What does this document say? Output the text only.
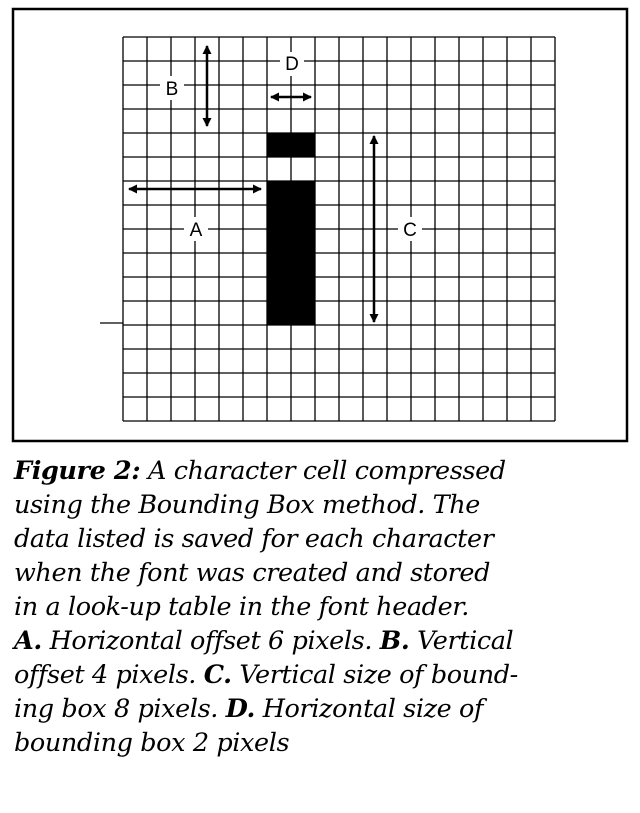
B
D
A	C
Figure 2: A character cell compressed
using the Bounding Box method. The
data listed is saved for each character
when the font was created and stored
in a look-up table in the font header.
A. Horizontal offset 6 pixels. B. Vertical
offset 4 pixels. C. Vertical size of bound-
ing box 8 pixels. D. Horizontal size of
bounding box 2 pixels
